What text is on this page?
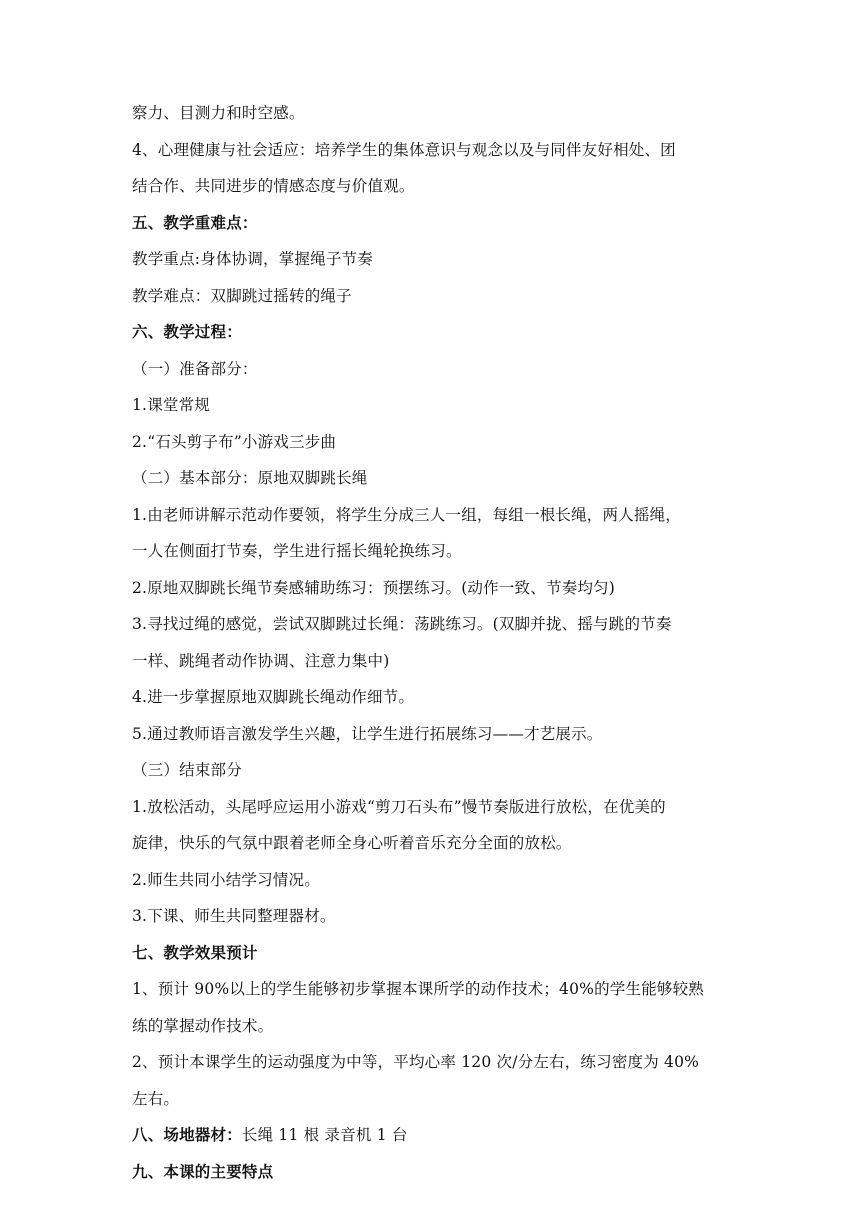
察力、目测力和时空感。
4、心理健康与社会适应：培养学生的集体意识与观念以及与同伴友好相处、团
结合作、共同进步的情感态度与价值观。
五、教学重难点：
教学重点:身体协调，掌握绳子节奏
教学难点：双脚跳过摇转的绳子
六、教学过程：
（一）准备部分：
1.课堂常规
2.“石头剪子布”小游戏三步曲
（二）基本部分：原地双脚跳长绳
1.由老师讲解示范动作要领，将学生分成三人一组，每组一根长绳，两人摇绳，
一人在侧面打节奏，学生进行摇长绳轮换练习。
2.原地双脚跳长绳节奏感辅助练习：预摆练习。(动作一致、节奏均匀)
3.寻找过绳的感觉，尝试双脚跳过长绳：荡跳练习。(双脚并拢、摇与跳的节奏
一样、跳绳者动作协调、注意力集中)
4.进一步掌握原地双脚跳长绳动作细节。
5.通过教师语言激发学生兴趣，让学生进行拓展练习——才艺展示。
（三）结束部分
1.放松活动，头尾呼应运用小游戏“剪刀石头布”慢节奏版进行放松，在优美的
旋律，快乐的气氛中跟着老师全身心听着音乐充分全面的放松。
2.师生共同小结学习情况。
3.下课、师生共同整理器材。
七、教学效果预计
1、预计 90%以上的学生能够初步掌握本课所学的动作技术；40%的学生能够较熟
练的掌握动作技术。
2、预计本课学生的运动强度为中等，平均心率 120 次/分左右，练习密度为 40%
左右。
八、场地器材：长绳 11 根 录音机 1 台
九、本课的主要特点
